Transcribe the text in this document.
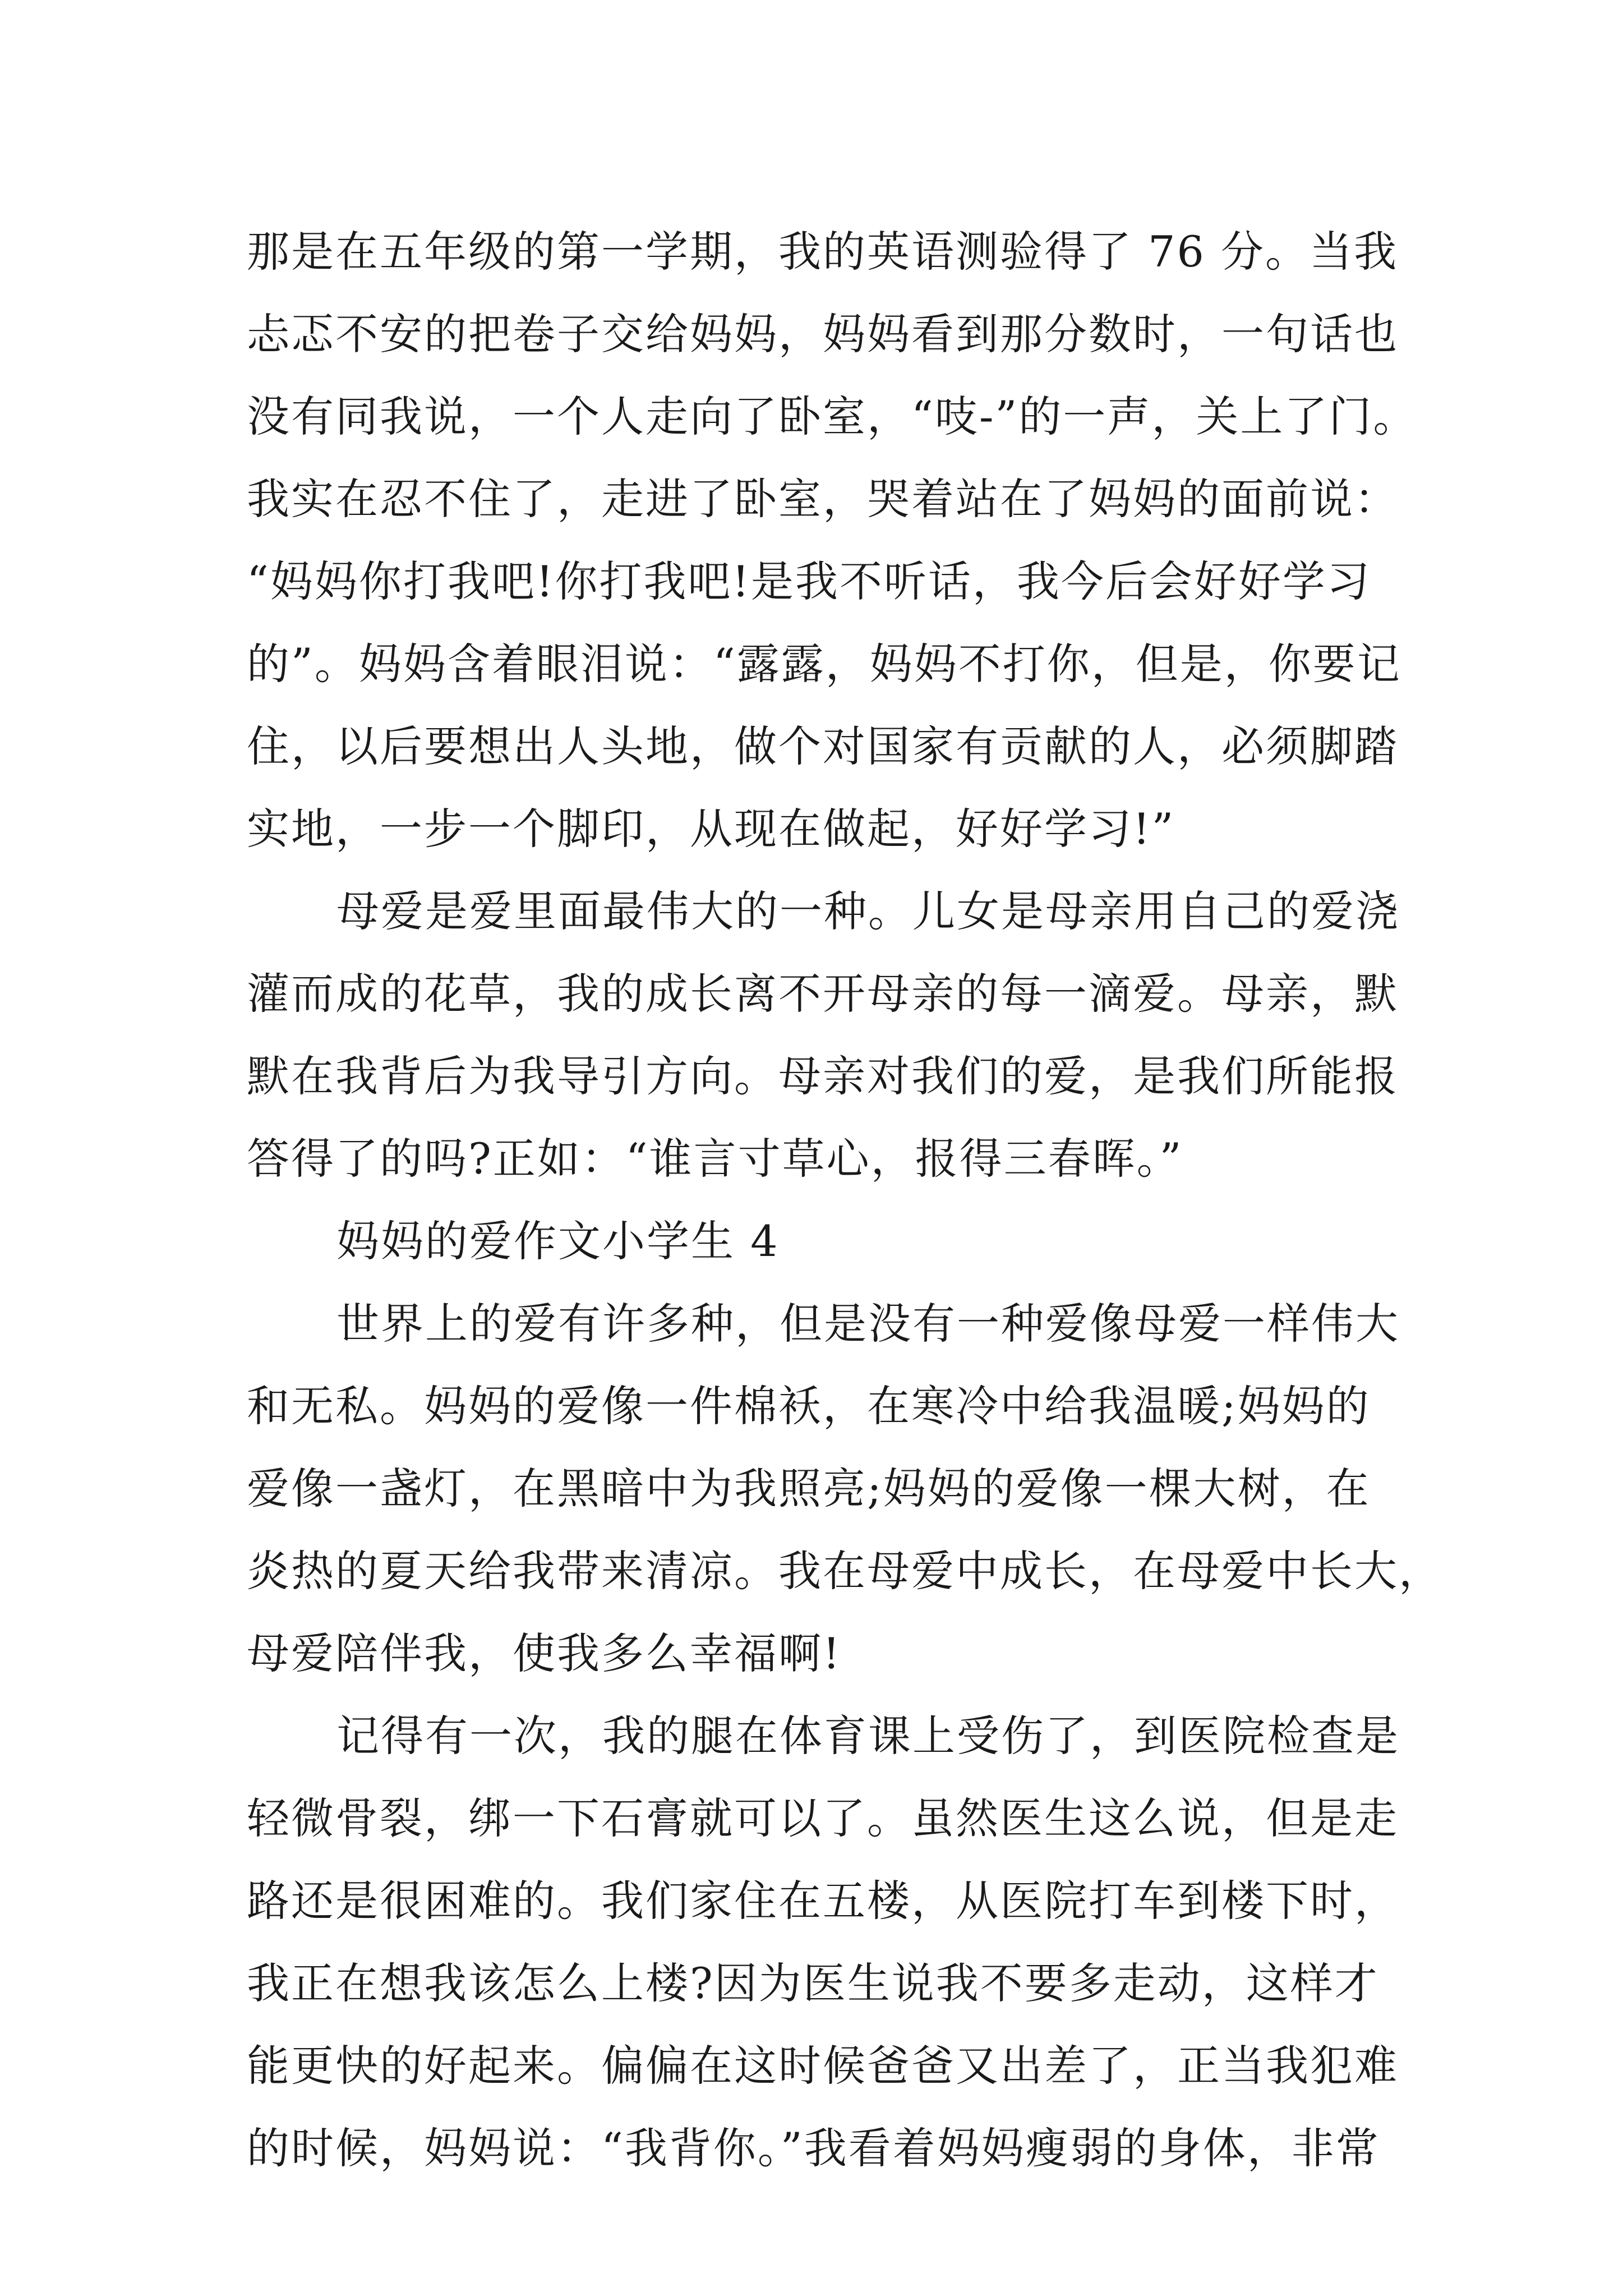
那是在五年级的第一学期，我的英语测验得了 76 分。当我
忐忑不安的把卷子交给妈妈，妈妈看到那分数时，一句话也
没有同我说，一个人走向了卧室，“吱-”的一声，关上了门。
我实在忍不住了，走进了卧室，哭着站在了妈妈的面前说：
“妈妈你打我吧!你打我吧!是我不听话，我今后会好好学习
的”。妈妈含着眼泪说：“露露，妈妈不打你，但是，你要记
住，以后要想出人头地，做个对国家有贡献的人，必须脚踏
实地，一步一个脚印，从现在做起，好好学习!”
母爱是爱里面最伟大的一种。儿女是母亲用自己的爱浇
灌而成的花草，我的成长离不开母亲的每一滴爱。母亲，默
默在我背后为我导引方向。母亲对我们的爱，是我们所能报
答得了的吗?正如：“谁言寸草心，报得三春晖。”
妈妈的爱作文小学生 4
世界上的爱有许多种，但是没有一种爱像母爱一样伟大
和无私。妈妈的爱像一件棉袄，在寒冷中给我温暖;妈妈的
爱像一盏灯，在黑暗中为我照亮;妈妈的爱像一棵大树，在
炎热的夏天给我带来清凉。我在母爱中成长，在母爱中长大，
母爱陪伴我，使我多么幸福啊!
记得有一次，我的腿在体育课上受伤了，到医院检查是
轻微骨裂，绑一下石膏就可以了。虽然医生这么说，但是走
路还是很困难的。我们家住在五楼，从医院打车到楼下时，
我正在想我该怎么上楼?因为医生说我不要多走动，这样才
能更快的好起来。偏偏在这时候爸爸又出差了，正当我犯难
的时候，妈妈说：“我背你。”我看着妈妈瘦弱的身体，非常
